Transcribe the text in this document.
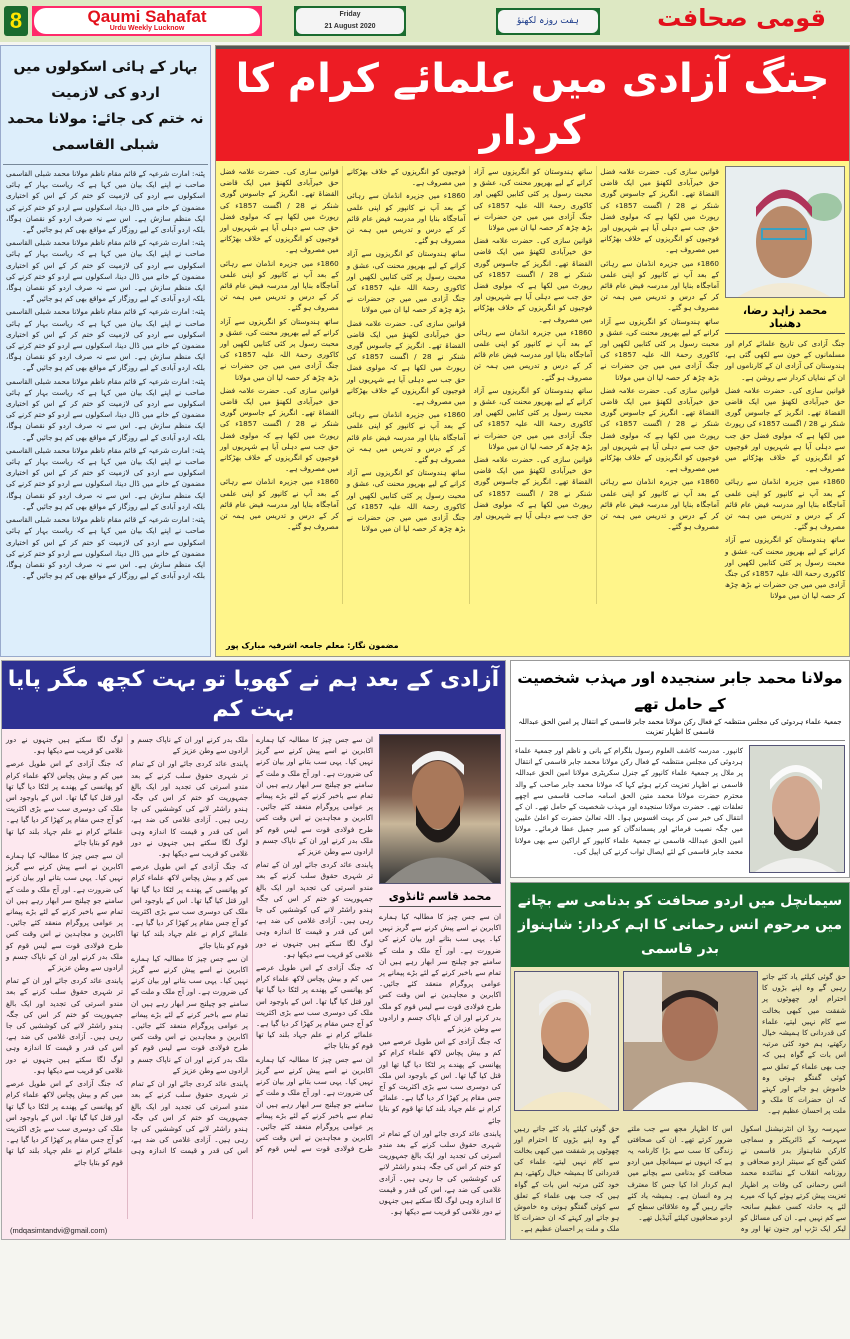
8	Qaumi Sahafat
Urdu Weekly Lucknow
Friday
21 August 2020
ہفت روزہ لکھنؤ	قومی صحافت
جنگ آزادی میں علمائے کرام کا کردار
محمد زاہد رضا، دھنباد

جنگ آزادی کی تاریخ علمائے کرام اور مسلمانوں کے خون سے لکھی گئی ہے، ہندوستان کی آزادی ان کے کارناموں اور ان کے نمایاں کردار سے روشن ہے۔

قوانین سازی کی۔ حضرت علامہ فضل حق خیرآبادی لکھنؤ میں ایک قاضی القضاۃ تھے۔ انگریز کے جاسوس گوری شنکر نے 28 / اگست 1857ء کی رپورٹ میں لکھا ہے کہ مولوی فضل حق جب سے دہلی آیا ہے شہریوں اور فوجیوں کو انگریزوں کے خلاف بھڑکانے میں مصروف ہے۔

1860ء میں جزیرہ انڈمان سے رہائی کے بعد آپ نے کانپور کو اپنی علمی آماجگاہ بنایا اور مدرسہ فیض عام قائم کر کے درس و تدریس میں ہمہ تن مصروف ہو گئے۔

ساتھ ہندوستان کو انگریزوں سے آزاد کرانے کے لیے بھرپور محنت کی، عشق و محبت رسول پر کئی کتابیں لکھیں اور کاکوری رحمۃ اللہ علیہ 1857ء کی جنگ آزادی میں میں جن حضرات نے بڑھ چڑھ کر حصہ لیا ان میں مولانا

قوانین سازی کی۔ حضرت علامہ فضل حق خیرآبادی لکھنؤ میں ایک قاضی القضاۃ تھے۔ انگریز کے جاسوس گوری شنکر نے 28 / اگست 1857ء کی رپورٹ میں لکھا ہے کہ مولوی فضل حق جب سے دہلی آیا ہے شہریوں اور فوجیوں کو انگریزوں کے خلاف بھڑکانے میں مصروف ہے۔

1860ء میں جزیرہ انڈمان سے رہائی کے بعد آپ نے کانپور کو اپنی علمی آماجگاہ بنایا اور مدرسہ فیض عام قائم کر کے درس و تدریس میں ہمہ تن مصروف ہو گئے۔

ساتھ ہندوستان کو انگریزوں سے آزاد کرانے کے لیے بھرپور محنت کی، عشق و محبت رسول پر کئی کتابیں لکھیں اور کاکوری رحمۃ اللہ علیہ 1857ء کی جنگ آزادی میں میں جن حضرات نے بڑھ چڑھ کر حصہ لیا ان میں مولانا

قوانین سازی کی۔ حضرت علامہ فضل حق خیرآبادی لکھنؤ میں ایک قاضی القضاۃ تھے۔ انگریز کے جاسوس گوری شنکر نے 28 / اگست 1857ء کی رپورٹ میں لکھا ہے کہ مولوی فضل حق جب سے دہلی آیا ہے شہریوں اور فوجیوں کو انگریزوں کے خلاف بھڑکانے میں مصروف ہے۔

1860ء میں جزیرہ انڈمان سے رہائی کے بعد آپ نے کانپور کو اپنی علمی آماجگاہ بنایا اور مدرسہ فیض عام قائم کر کے درس و تدریس میں ہمہ تن مصروف ہو گئے۔

ساتھ ہندوستان کو انگریزوں سے آزاد کرانے کے لیے بھرپور محنت کی، عشق و محبت رسول پر کئی کتابیں لکھیں اور کاکوری رحمۃ اللہ علیہ 1857ء کی جنگ آزادی میں میں جن حضرات نے بڑھ چڑھ کر حصہ لیا ان میں مولانا

قوانین سازی کی۔ حضرت علامہ فضل حق خیرآبادی لکھنؤ میں ایک قاضی القضاۃ تھے۔ انگریز کے جاسوس گوری شنکر نے 28 / اگست 1857ء کی رپورٹ میں لکھا ہے کہ مولوی فضل حق جب سے دہلی آیا ہے شہریوں اور فوجیوں کو انگریزوں کے خلاف بھڑکانے میں مصروف ہے۔

1860ء میں جزیرہ انڈمان سے رہائی کے بعد آپ نے کانپور کو اپنی علمی آماجگاہ بنایا اور مدرسہ فیض عام قائم کر کے درس و تدریس میں ہمہ تن مصروف ہو گئے۔

ساتھ ہندوستان کو انگریزوں سے آزاد کرانے کے لیے بھرپور محنت کی، عشق و محبت رسول پر کئی کتابیں لکھیں اور کاکوری رحمۃ اللہ علیہ 1857ء کی جنگ آزادی میں میں جن حضرات نے بڑھ چڑھ کر حصہ لیا ان میں مولانا

قوانین سازی کی۔ حضرت علامہ فضل حق خیرآبادی لکھنؤ میں ایک قاضی القضاۃ تھے۔ انگریز کے جاسوس گوری شنکر نے 28 / اگست 1857ء کی رپورٹ میں لکھا ہے کہ مولوی فضل حق جب سے دہلی آیا ہے شہریوں اور فوجیوں کو انگریزوں کے خلاف بھڑکانے میں مصروف ہے۔

1860ء میں جزیرہ انڈمان سے رہائی کے بعد آپ نے کانپور کو اپنی علمی آماجگاہ بنایا اور مدرسہ فیض عام قائم کر کے درس و تدریس میں ہمہ تن مصروف ہو گئے۔

ساتھ ہندوستان کو انگریزوں سے آزاد کرانے کے لیے بھرپور محنت کی، عشق و محبت رسول پر کئی کتابیں لکھیں اور کاکوری رحمۃ اللہ علیہ 1857ء کی جنگ آزادی میں میں جن حضرات نے بڑھ چڑھ کر حصہ لیا ان میں مولانا

قوانین سازی کی۔ حضرت علامہ فضل حق خیرآبادی لکھنؤ میں ایک قاضی القضاۃ تھے۔ انگریز کے جاسوس گوری شنکر نے 28 / اگست 1857ء کی رپورٹ میں لکھا ہے کہ مولوی فضل حق جب سے دہلی آیا ہے شہریوں اور فوجیوں کو انگریزوں کے خلاف بھڑکانے میں مصروف ہے۔

1860ء میں جزیرہ انڈمان سے رہائی کے بعد آپ نے کانپور کو اپنی علمی آماجگاہ بنایا اور مدرسہ فیض عام قائم کر کے درس و تدریس میں ہمہ تن مصروف ہو گئے۔

ساتھ ہندوستان کو انگریزوں سے آزاد کرانے کے لیے بھرپور محنت کی، عشق و محبت رسول پر کئی کتابیں لکھیں اور کاکوری رحمۃ اللہ علیہ 1857ء کی جنگ آزادی میں میں جن حضرات نے بڑھ چڑھ کر حصہ لیا ان میں مولانا

قوانین سازی کی۔ حضرت علامہ فضل حق خیرآبادی لکھنؤ میں ایک قاضی القضاۃ تھے۔ انگریز کے جاسوس گوری شنکر نے 28 / اگست 1857ء کی رپورٹ میں لکھا ہے کہ مولوی فضل حق جب سے دہلی آیا ہے شہریوں اور فوجیوں کو انگریزوں کے خلاف بھڑکانے میں مصروف ہے۔

1860ء میں جزیرہ انڈمان سے رہائی کے بعد آپ نے کانپور کو اپنی علمی آماجگاہ بنایا اور مدرسہ فیض عام قائم کر کے درس و تدریس میں ہمہ تن مصروف ہو گئے۔

ساتھ ہندوستان کو انگریزوں سے آزاد کرانے کے لیے بھرپور محنت کی، عشق و محبت رسول پر کئی کتابیں لکھیں اور کاکوری رحمۃ اللہ علیہ 1857ء کی جنگ آزادی میں میں جن حضرات نے بڑھ چڑھ کر حصہ لیا ان میں مولانا

قوانین سازی کی۔ حضرت علامہ فضل حق خیرآبادی لکھنؤ میں ایک قاضی القضاۃ تھے۔ انگریز کے جاسوس گوری شنکر نے 28 / اگست 1857ء کی رپورٹ میں لکھا ہے کہ مولوی فضل حق جب سے دہلی آیا ہے شہریوں اور فوجیوں کو انگریزوں کے خلاف بھڑکانے میں مصروف ہے۔

1860ء میں جزیرہ انڈمان سے رہائی کے بعد آپ نے کانپور کو اپنی علمی آماجگاہ بنایا اور مدرسہ فیض عام قائم کر کے درس و تدریس میں ہمہ تن مصروف ہو گئے۔

مضمون نگار: معلم جامعہ اشرفیہ مبارک پور
بہار کے ہائی اسکولوں میں اردو کی لازمیت
نہ ختم کی جائے: مولانا محمد شبلی القاسمی

پٹنہ: امارت شرعیہ کے قائم مقام ناظم مولانا محمد شبلی القاسمی صاحب نے اپنے ایک بیان میں کہا ہے کہ ریاست بہار کے ہائی اسکولوں سے اردو کی لازمیت کو ختم کر کے اس کو اختیاری مضمون کے خانے میں ڈال دینا، اسکولوں سے اردو کو ختم کرنے کی ایک منظم سازش ہے۔ اس سے نہ صرف اردو کو نقصان ہوگا، بلکہ اردو آبادی کے لیے روزگار کے مواقع بھی کم ہو جائیں گے۔

پٹنہ: امارت شرعیہ کے قائم مقام ناظم مولانا محمد شبلی القاسمی صاحب نے اپنے ایک بیان میں کہا ہے کہ ریاست بہار کے ہائی اسکولوں سے اردو کی لازمیت کو ختم کر کے اس کو اختیاری مضمون کے خانے میں ڈال دینا، اسکولوں سے اردو کو ختم کرنے کی ایک منظم سازش ہے۔ اس سے نہ صرف اردو کو نقصان ہوگا، بلکہ اردو آبادی کے لیے روزگار کے مواقع بھی کم ہو جائیں گے۔

پٹنہ: امارت شرعیہ کے قائم مقام ناظم مولانا محمد شبلی القاسمی صاحب نے اپنے ایک بیان میں کہا ہے کہ ریاست بہار کے ہائی اسکولوں سے اردو کی لازمیت کو ختم کر کے اس کو اختیاری مضمون کے خانے میں ڈال دینا، اسکولوں سے اردو کو ختم کرنے کی ایک منظم سازش ہے۔ اس سے نہ صرف اردو کو نقصان ہوگا، بلکہ اردو آبادی کے لیے روزگار کے مواقع بھی کم ہو جائیں گے۔

پٹنہ: امارت شرعیہ کے قائم مقام ناظم مولانا محمد شبلی القاسمی صاحب نے اپنے ایک بیان میں کہا ہے کہ ریاست بہار کے ہائی اسکولوں سے اردو کی لازمیت کو ختم کر کے اس کو اختیاری مضمون کے خانے میں ڈال دینا، اسکولوں سے اردو کو ختم کرنے کی ایک منظم سازش ہے۔ اس سے نہ صرف اردو کو نقصان ہوگا، بلکہ اردو آبادی کے لیے روزگار کے مواقع بھی کم ہو جائیں گے۔

پٹنہ: امارت شرعیہ کے قائم مقام ناظم مولانا محمد شبلی القاسمی صاحب نے اپنے ایک بیان میں کہا ہے کہ ریاست بہار کے ہائی اسکولوں سے اردو کی لازمیت کو ختم کر کے اس کو اختیاری مضمون کے خانے میں ڈال دینا، اسکولوں سے اردو کو ختم کرنے کی ایک منظم سازش ہے۔ اس سے نہ صرف اردو کو نقصان ہوگا، بلکہ اردو آبادی کے لیے روزگار کے مواقع بھی کم ہو جائیں گے۔

پٹنہ: امارت شرعیہ کے قائم مقام ناظم مولانا محمد شبلی القاسمی صاحب نے اپنے ایک بیان میں کہا ہے کہ ریاست بہار کے ہائی اسکولوں سے اردو کی لازمیت کو ختم کر کے اس کو اختیاری مضمون کے خانے میں ڈال دینا، اسکولوں سے اردو کو ختم کرنے کی ایک منظم سازش ہے۔ اس سے نہ صرف اردو کو نقصان ہوگا، بلکہ اردو آبادی کے لیے روزگار کے مواقع بھی کم ہو جائیں گے۔

مولانا محمد جابر سنجیدہ اور مہذب شخصیت کے حامل تھے
جمعیۃ علماء ہردوئی کی مجلس منتظمہ کے فعال رکن مولانا محمد جابر قاسمی کے انتقال پر امین الحق عبداللہ قاسمی کا اظہار تعزیت

کانپور۔ مدرسہ کاشف العلوم رسول بلگرام کے بانی و ناظم اور جمعیۃ علماء ہردوئی کی مجلس منتظمہ کے فعال رکن مولانا محمد جابر قاسمی کے انتقال پر ملال پر جمعیۃ علماء کانپور کے جنرل سکریٹری مولانا امین الحق عبداللہ قاسمی نے اظہار تعزیت کرتے ہوئے کہا کہ مولانا محمد جابر صاحب کے والد محترم حضرت مولانا محمد متین الحق اسامہ صاحب قاسمی سے اچھے تعلقات تھے۔ حضرت مولانا سنجیدہ اور مہذب شخصیت کے حامل تھے۔ ان کے انتقال کی خبر سن کر بہت افسوس ہوا۔ اللہ تعالیٰ حضرت کو اعلیٰ علیین میں جگہ نصیب فرمائے اور پسماندگان کو صبر جمیل عطا فرمائے۔ مولانا امین الحق عبداللہ قاسمی نے جمعیۃ علماء کانپور کے اراکین سے بھی مولانا محمد جابر قاسمی کے لئے ایصال ثواب کرنے کی اپیل کی۔

سیمانچل میں اردو صحافت کو بدنامی سے بچانے
میں مرحوم انس رحمانی کا اہم کردار: شاہنواز بدر قاسمی

حق گوئی کیلئے یاد کئے جاتے رہیں گے وہ اپنے بڑوں کا احترام اور چھوٹوں پر شفقت میں کبھی بخالت سے کام نہیں لیتے، علماء کی قدردانی کا ہمیشہ خیال رکھتے، ہم خود کئی مرتبہ اس بات کے گواہ ہیں کہ جب بھی علماء کے تعلق سے کوئی گفتگو ہوتی وہ خاموش ہو جاتے اور کہتے کہ ان حضرات کا ملک و ملت پر احسان عظیم ہے۔

سہرسہ روڈ ان انٹرنیشنل اسکول سہرسہ کے ڈائریکٹر و سماجی کارکن شاہنواز بدر قاسمی نے کشن گنج کے سینئر اردو صحافی و روزنامہ انقلاب کے نمائندہ محمد انس رحمانی کی وفات پر اظہار تعزیت پیش کرتے ہوئے کہا کہ میرے لئے یہ حادثہ کسی عظیم سانحہ سے کم نہیں ہے۔ ان کی مسائل کو لیکر ایک تڑپ اور جنون تھا اور وہ اس کا اظہار مجھ سے جب ملتے ضرور کرتے تھے۔ ان کی صحافتی زندگی کا سب سے بڑا کارنامہ یہ ہے کہ انہوں نے سیمانچل میں اردو صحافت کو بدنامی سے بچانے میں اہم کردار ادا کیا جس کا معترف ہر وہ انسان ہے۔ ہمیشہ یاد کئے جاتے رہیں گے وہ علاقائی سطح کے اردو صحافیوں کیلئے آئیڈیل تھے۔

حق گوئی کیلئے یاد کئے جاتے رہیں گے وہ اپنے بڑوں کا احترام اور چھوٹوں پر شفقت میں کبھی بخالت سے کام نہیں لیتے، علماء کی قدردانی کا ہمیشہ خیال رکھتے، ہم خود کئی مرتبہ اس بات کے گواہ ہیں کہ جب بھی علماء کے تعلق سے کوئی گفتگو ہوتی وہ خاموش ہو جاتے اور کہتے کہ ان حضرات کا ملک و ملت پر احسان عظیم ہے۔

آزادی کے بعد ہم نے کھویا تو بہت کچھ مگر پایا بہت کم
محمد قاسم ٹانڈوی

ان سے جس چیز کا مطالبہ کیا ہمارے اکابرین نے اسے پیش کرنے سے گریز نہیں کیا۔ یہی سب بتانے اور بیان کرنے کی ضرورت ہے۔ اور آج ملک و ملت کے سامنے جو چیلنج سر ابھار رہے ہیں ان تمام سے باخبر کرنے کے لئے بڑے پیمانے پر عوامی پروگرام منعقد کئے جائیں۔ اکابرین و مجاہدین نے اس وقت کس طرح فولادی قوت سے لیس قوم کو ملک بدر کرنے اور ان کے ناپاک جسم و ارادوں سے وطن عزیز کے

کہ جنگ آزادی کے اس طویل عرصے میں کم و بیش پچاس لاکھ علماء کرام کو پھانسی کے پھندے پر لٹکا دیا گیا تھا اور قتل کیا گیا تھا۔ اس کے باوجود اس ملک کی دوسری سب سے بڑی اکثریت کو آج جس مقام پر کھڑا کر دیا گیا ہے۔ علمائے کرام نے علم جہاد بلند کیا تھا قوم کو بتایا جائے

پابندی عائد کردی جائے اور ان کے تمام تر شہری حقوق سلب کرنے کے بعد مندو اسرتی کی تجدید اور ایک بالغ جمہوریت کو ختم کر اس کی جگہ ہندو راشٹر لانے کی کوششیں کی جا رہی ہیں۔ آزادی غلامی کی ضد ہے، اس کی قدر و قیمت کا اندازہ وہی لوگ لگا سکتے ہیں جنہوں نے دور غلامی کو قریب سے دیکھا ہو۔

ان سے جس چیز کا مطالبہ کیا ہمارے اکابرین نے اسے پیش کرنے سے گریز نہیں کیا۔ یہی سب بتانے اور بیان کرنے کی ضرورت ہے۔ اور آج ملک و ملت کے سامنے جو چیلنج سر ابھار رہے ہیں ان تمام سے باخبر کرنے کے لئے بڑے پیمانے پر عوامی پروگرام منعقد کئے جائیں۔ اکابرین و مجاہدین نے اس وقت کس طرح فولادی قوت سے لیس قوم کو ملک بدر کرنے اور ان کے ناپاک جسم و ارادوں سے وطن عزیز کے

پابندی عائد کردی جائے اور ان کے تمام تر شہری حقوق سلب کرنے کے بعد مندو اسرتی کی تجدید اور ایک بالغ جمہوریت کو ختم کر اس کی جگہ ہندو راشٹر لانے کی کوششیں کی جا رہی ہیں۔ آزادی غلامی کی ضد ہے، اس کی قدر و قیمت کا اندازہ وہی لوگ لگا سکتے ہیں جنہوں نے دور غلامی کو قریب سے دیکھا ہو۔

کہ جنگ آزادی کے اس طویل عرصے میں کم و بیش پچاس لاکھ علماء کرام کو پھانسی کے پھندے پر لٹکا دیا گیا تھا اور قتل کیا گیا تھا۔ اس کے باوجود اس ملک کی دوسری سب سے بڑی اکثریت کو آج جس مقام پر کھڑا کر دیا گیا ہے۔ علمائے کرام نے علم جہاد بلند کیا تھا قوم کو بتایا جائے

ان سے جس چیز کا مطالبہ کیا ہمارے اکابرین نے اسے پیش کرنے سے گریز نہیں کیا۔ یہی سب بتانے اور بیان کرنے کی ضرورت ہے۔ اور آج ملک و ملت کے سامنے جو چیلنج سر ابھار رہے ہیں ان تمام سے باخبر کرنے کے لئے بڑے پیمانے پر عوامی پروگرام منعقد کئے جائیں۔ اکابرین و مجاہدین نے اس وقت کس طرح فولادی قوت سے لیس قوم کو ملک بدر کرنے اور ان کے ناپاک جسم و ارادوں سے وطن عزیز کے

پابندی عائد کردی جائے اور ان کے تمام تر شہری حقوق سلب کرنے کے بعد مندو اسرتی کی تجدید اور ایک بالغ جمہوریت کو ختم کر اس کی جگہ ہندو راشٹر لانے کی کوششیں کی جا رہی ہیں۔ آزادی غلامی کی ضد ہے، اس کی قدر و قیمت کا اندازہ وہی لوگ لگا سکتے ہیں جنہوں نے دور غلامی کو قریب سے دیکھا ہو۔

کہ جنگ آزادی کے اس طویل عرصے میں کم و بیش پچاس لاکھ علماء کرام کو پھانسی کے پھندے پر لٹکا دیا گیا تھا اور قتل کیا گیا تھا۔ اس کے باوجود اس ملک کی دوسری سب سے بڑی اکثریت کو آج جس مقام پر کھڑا کر دیا گیا ہے۔ علمائے کرام نے علم جہاد بلند کیا تھا قوم کو بتایا جائے

ان سے جس چیز کا مطالبہ کیا ہمارے اکابرین نے اسے پیش کرنے سے گریز نہیں کیا۔ یہی سب بتانے اور بیان کرنے کی ضرورت ہے۔ اور آج ملک و ملت کے سامنے جو چیلنج سر ابھار رہے ہیں ان تمام سے باخبر کرنے کے لئے بڑے پیمانے پر عوامی پروگرام منعقد کئے جائیں۔ اکابرین و مجاہدین نے اس وقت کس طرح فولادی قوت سے لیس قوم کو ملک بدر کرنے اور ان کے ناپاک جسم و ارادوں سے وطن عزیز کے

پابندی عائد کردی جائے اور ان کے تمام تر شہری حقوق سلب کرنے کے بعد مندو اسرتی کی تجدید اور ایک بالغ جمہوریت کو ختم کر اس کی جگہ ہندو راشٹر لانے کی کوششیں کی جا رہی ہیں۔ آزادی غلامی کی ضد ہے، اس کی قدر و قیمت کا اندازہ وہی لوگ لگا سکتے ہیں جنہوں نے دور غلامی کو قریب سے دیکھا ہو۔

کہ جنگ آزادی کے اس طویل عرصے میں کم و بیش پچاس لاکھ علماء کرام کو پھانسی کے پھندے پر لٹکا دیا گیا تھا اور قتل کیا گیا تھا۔ اس کے باوجود اس ملک کی دوسری سب سے بڑی اکثریت کو آج جس مقام پر کھڑا کر دیا گیا ہے۔ علمائے کرام نے علم جہاد بلند کیا تھا قوم کو بتایا جائے

ان سے جس چیز کا مطالبہ کیا ہمارے اکابرین نے اسے پیش کرنے سے گریز نہیں کیا۔ یہی سب بتانے اور بیان کرنے کی ضرورت ہے۔ اور آج ملک و ملت کے سامنے جو چیلنج سر ابھار رہے ہیں ان تمام سے باخبر کرنے کے لئے بڑے پیمانے پر عوامی پروگرام منعقد کئے جائیں۔ اکابرین و مجاہدین نے اس وقت کس طرح فولادی قوت سے لیس قوم کو ملک بدر کرنے اور ان کے ناپاک جسم و ارادوں سے وطن عزیز کے

پابندی عائد کردی جائے اور ان کے تمام تر شہری حقوق سلب کرنے کے بعد مندو اسرتی کی تجدید اور ایک بالغ جمہوریت کو ختم کر اس کی جگہ ہندو راشٹر لانے کی کوششیں کی جا رہی ہیں۔ آزادی غلامی کی ضد ہے، اس کی قدر و قیمت کا اندازہ وہی لوگ لگا سکتے ہیں جنہوں نے دور غلامی کو قریب سے دیکھا ہو۔

کہ جنگ آزادی کے اس طویل عرصے میں کم و بیش پچاس لاکھ علماء کرام کو پھانسی کے پھندے پر لٹکا دیا گیا تھا اور قتل کیا گیا تھا۔ اس کے باوجود اس ملک کی دوسری سب سے بڑی اکثریت کو آج جس مقام پر کھڑا کر دیا گیا ہے۔ علمائے کرام نے علم جہاد بلند کیا تھا قوم کو بتایا جائے

(mdqasimtandvi@gmail.com)
